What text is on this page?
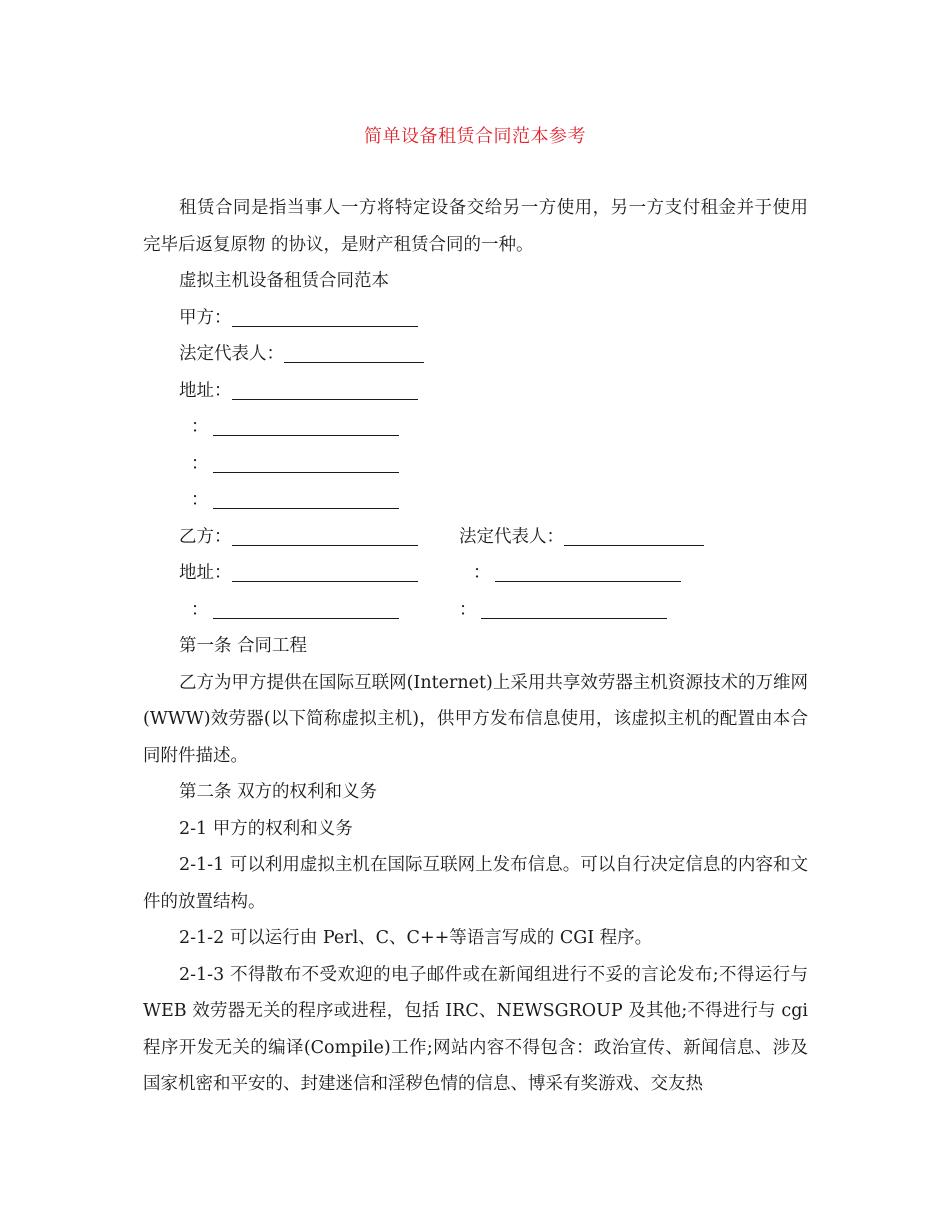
简单设备租赁合同范本参考

租赁合同是指当事人一方将特定设备交给另一方使用，另一方支付租金并于使用完毕后返复原物 的协议，是财产租赁合同的一种。

虚拟主机设备租赁合同范本

甲方：

法定代表人：

地址：

：

：

：

乙方：	法定代表人：
地址：	：
：	：

第一条 合同工程

乙方为甲方提供在国际互联网(Internet)上采用共享效劳器主机资源技术的万维网(WWW)效劳器(以下简称虚拟主机)，供甲方发布信息使用，该虚拟主机的配置由本合同附件描述。

第二条 双方的权利和义务

2-1 甲方的权利和义务

2-1-1 可以利用虚拟主机在国际互联网上发布信息。可以自行决定信息的内容和文件的放置结构。

2-1-2 可以运行由 Perl、C、C++等语言写成的 CGI 程序。

2-1-3 不得散布不受欢迎的电子邮件或在新闻组进行不妥的言论发布;不得运行与 WEB 效劳器无关的程序或进程，包括 IRC、NEWSGROUP 及其他;不得进行与 cgi 程序开发无关的编译(Compile)工作;网站内容不得包含：政治宣传、新闻信息、涉及国家机密和平安的、封建迷信和淫秽色情的信息、博采有奖游戏、交友热
